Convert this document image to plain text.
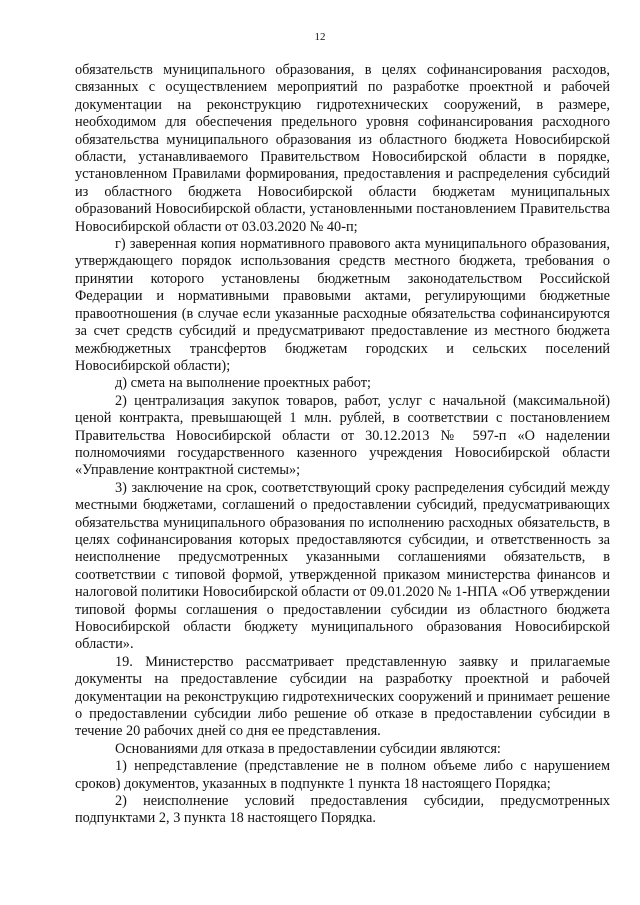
12

обязательств муниципального образования, в целях софинансирования расходов, связанных с осуществлением мероприятий по разработке проектной и рабочей документации на реконструкцию гидротехнических сооружений, в размере, необходимом для обеспечения предельного уровня софинансирования расходного обязательства муниципального образования из областного бюджета Новосибирской области, устанавливаемого Правительством Новосибирской области в порядке, установленном Правилами формирования, предоставления и распределения субсидий из областного бюджета Новосибирской области бюджетам муниципальных образований Новосибирской области, установленными постановлением Правительства Новосибирской области от 03.03.2020 № 40-п;

г) заверенная копия нормативного правового акта муниципального образования, утверждающего порядок использования средств местного бюджета, требования о принятии которого установлены бюджетным законодательством Российской Федерации и нормативными правовыми актами, регулирующими бюджетные правоотношения (в случае если указанные расходные обязательства софинансируются за счет средств субсидий и предусматривают предоставление из местного бюджета межбюджетных трансфертов бюджетам городских и сельских поселений Новосибирской области);

д) смета на выполнение проектных работ;

2) централизация закупок товаров, работ, услуг с начальной (максимальной) ценой контракта, превышающей 1 млн. рублей, в соответствии с постановлением Правительства Новосибирской области от 30.12.2013 № 597-п «О наделении полномочиями государственного казенного учреждения Новосибирской области «Управление контрактной системы»;

3) заключение на срок, соответствующий сроку распределения субсидий между местными бюджетами, соглашений о предоставлении субсидий, предусматривающих обязательства муниципального образования по исполнению расходных обязательств, в целях софинансирования которых предоставляются субсидии, и ответственность за неисполнение предусмотренных указанными соглашениями обязательств, в соответствии с типовой формой, утвержденной приказом министерства финансов и налоговой политики Новосибирской области от 09.01.2020 № 1-НПА «Об утверждении типовой формы соглашения о предоставлении субсидии из областного бюджета Новосибирской области бюджету муниципального образования Новосибирской области».

19. Министерство рассматривает представленную заявку и прилагаемые документы на предоставление субсидии на разработку проектной и рабочей документации на реконструкцию гидротехнических сооружений и принимает решение о предоставлении субсидии либо решение об отказе в предоставлении субсидии в течение 20 рабочих дней со дня ее представления.

Основаниями для отказа в предоставлении субсидии являются:

1) непредставление (представление не в полном объеме либо с нарушением сроков) документов, указанных в подпункте 1 пункта 18 настоящего Порядка;

2) неисполнение условий предоставления субсидии, предусмотренных подпунктами 2, 3 пункта 18 настоящего Порядка.
